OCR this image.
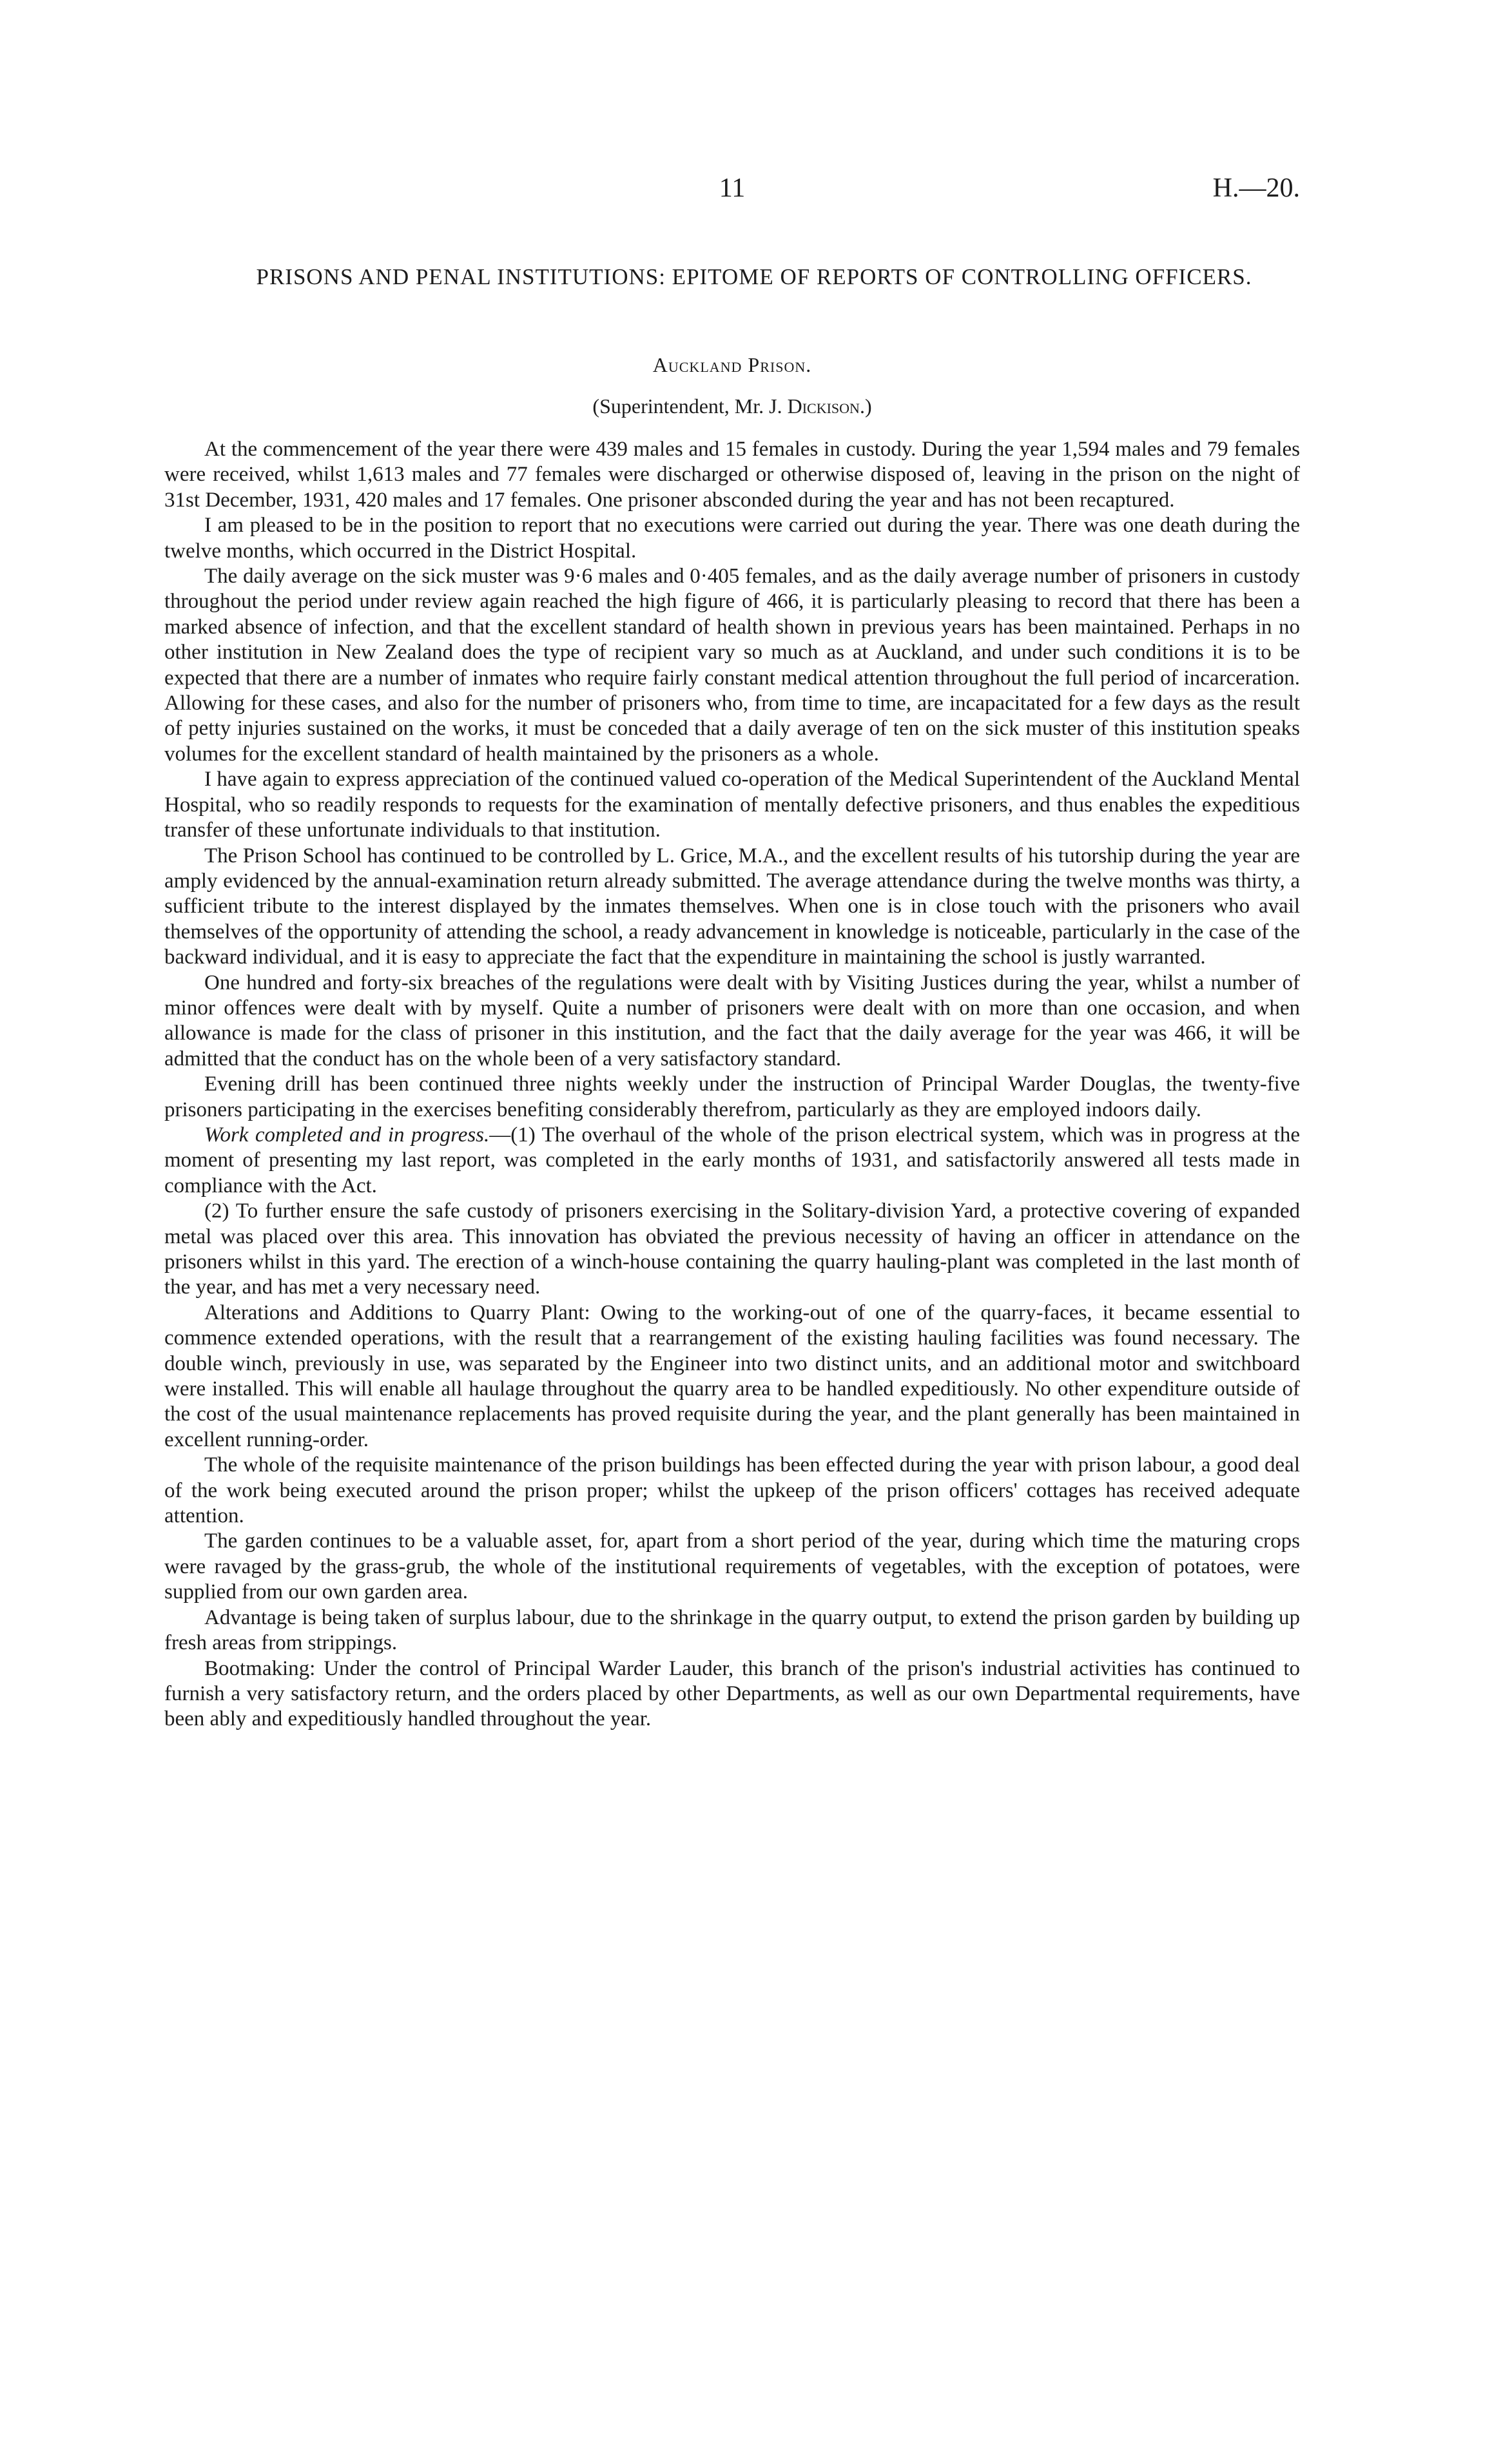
11	H.—20.
PRISONS AND PENAL INSTITUTIONS: EPITOME OF REPORTS OF CONTROLLING OFFICERS.
Auckland Prison.
(Superintendent, Mr. J. Dickison.)

At the commencement of the year there were 439 males and 15 females in custody. During the year 1,594 males and 79 females were received, whilst 1,613 males and 77 females were discharged or otherwise disposed of, leaving in the prison on the night of 31st December, 1931, 420 males and 17 females. One prisoner absconded during the year and has not been recaptured.

I am pleased to be in the position to report that no executions were carried out during the year. There was one death during the twelve months, which occurred in the District Hospital.

The daily average on the sick muster was 9·6 males and 0·405 females, and as the daily average number of prisoners in custody throughout the period under review again reached the high figure of 466, it is particularly pleasing to record that there has been a marked absence of infection, and that the excellent standard of health shown in previous years has been maintained. Perhaps in no other institution in New Zealand does the type of recipient vary so much as at Auckland, and under such conditions it is to be expected that there are a number of inmates who require fairly constant medical attention throughout the full period of incarceration. Allowing for these cases, and also for the number of prisoners who, from time to time, are incapacitated for a few days as the result of petty injuries sustained on the works, it must be conceded that a daily average of ten on the sick muster of this institution speaks volumes for the excellent standard of health maintained by the prisoners as a whole.

I have again to express appreciation of the continued valued co-operation of the Medical Superintendent of the Auckland Mental Hospital, who so readily responds to requests for the examination of mentally defective prisoners, and thus enables the expeditious transfer of these unfortunate individuals to that institution.

The Prison School has continued to be controlled by L. Grice, M.A., and the excellent results of his tutorship during the year are amply evidenced by the annual-examination return already submitted. The average attendance during the twelve months was thirty, a sufficient tribute to the interest displayed by the inmates themselves. When one is in close touch with the prisoners who avail themselves of the opportunity of attending the school, a ready advancement in knowledge is noticeable, particularly in the case of the backward individual, and it is easy to appreciate the fact that the expenditure in maintaining the school is justly warranted.

One hundred and forty-six breaches of the regulations were dealt with by Visiting Justices during the year, whilst a number of minor offences were dealt with by myself. Quite a number of prisoners were dealt with on more than one occasion, and when allowance is made for the class of prisoner in this institution, and the fact that the daily average for the year was 466, it will be admitted that the conduct has on the whole been of a very satisfactory standard.

Evening drill has been continued three nights weekly under the instruction of Principal Warder Douglas, the twenty-five prisoners participating in the exercises benefiting considerably therefrom, particularly as they are employed indoors daily.

Work completed and in progress.—(1) The overhaul of the whole of the prison electrical system, which was in progress at the moment of presenting my last report, was completed in the early months of 1931, and satisfactorily answered all tests made in compliance with the Act.

(2) To further ensure the safe custody of prisoners exercising in the Solitary-division Yard, a protective covering of expanded metal was placed over this area. This innovation has obviated the previous necessity of having an officer in attendance on the prisoners whilst in this yard. The erection of a winch-house containing the quarry hauling-plant was completed in the last month of the year, and has met a very necessary need.

Alterations and Additions to Quarry Plant: Owing to the working-out of one of the quarry-faces, it became essential to commence extended operations, with the result that a rearrangement of the existing hauling facilities was found necessary. The double winch, previously in use, was separated by the Engineer into two distinct units, and an additional motor and switchboard were installed. This will enable all haulage throughout the quarry area to be handled expeditiously. No other expenditure outside of the cost of the usual maintenance replacements has proved requisite during the year, and the plant generally has been maintained in excellent running-order.

The whole of the requisite maintenance of the prison buildings has been effected during the year with prison labour, a good deal of the work being executed around the prison proper; whilst the upkeep of the prison officers' cottages has received adequate attention.

The garden continues to be a valuable asset, for, apart from a short period of the year, during which time the maturing crops were ravaged by the grass-grub, the whole of the institutional requirements of vegetables, with the exception of potatoes, were supplied from our own garden area.

Advantage is being taken of surplus labour, due to the shrinkage in the quarry output, to extend the prison garden by building up fresh areas from strippings.

Bootmaking: Under the control of Principal Warder Lauder, this branch of the prison's industrial activities has continued to furnish a very satisfactory return, and the orders placed by other Departments, as well as our own Departmental requirements, have been ably and expeditiously handled throughout the year.
